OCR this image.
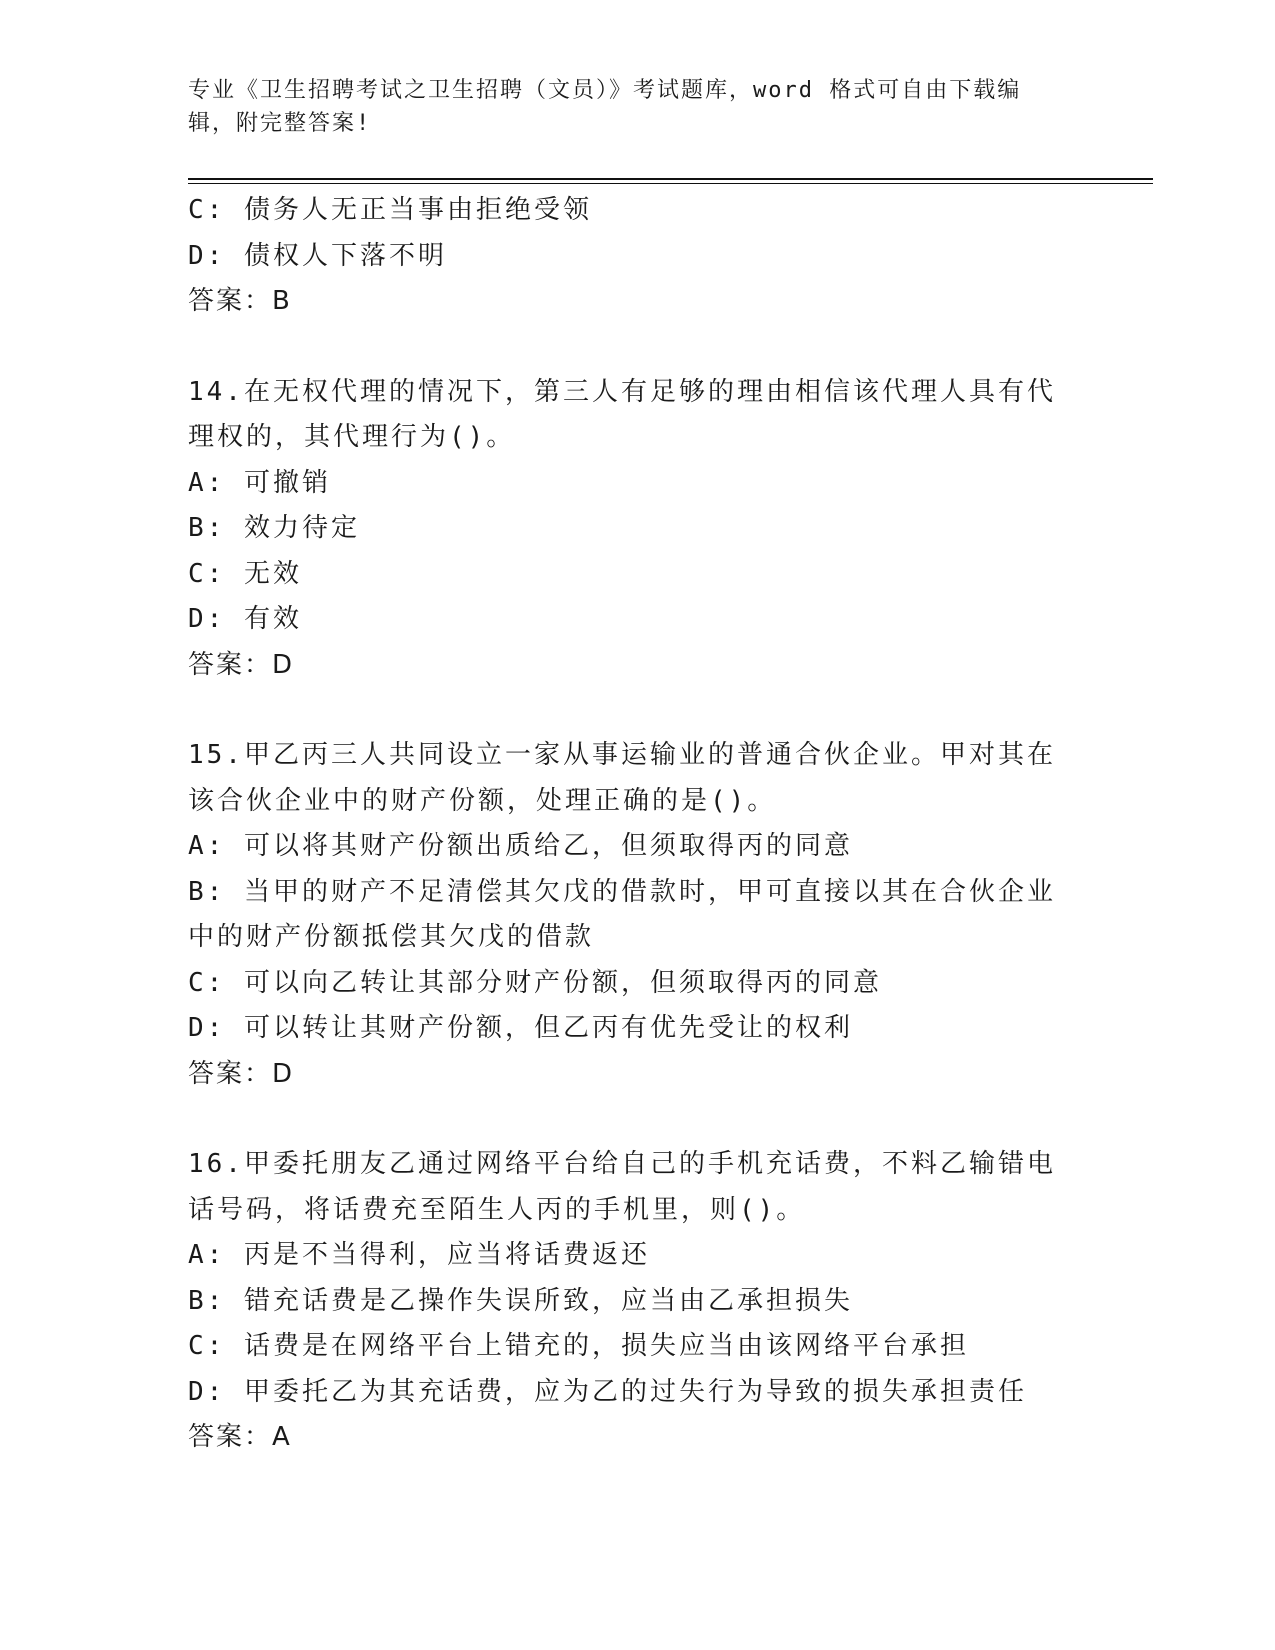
专业《卫生招聘考试之卫生招聘（文员）》考试题库，word 格式可自由下载编辑，附完整答案!
C: 债务人无正当事由拒绝受领
D: 债权人下落不明
答案：B
14.在无权代理的情况下，第三人有足够的理由相信该代理人具有代理权的，其代理行为()。
A: 可撤销
B: 效力待定
C: 无效
D: 有效
答案：D
15.甲乙丙三人共同设立一家从事运输业的普通合伙企业。甲对其在该合伙企业中的财产份额，处理正确的是()。
A: 可以将其财产份额出质给乙，但须取得丙的同意
B: 当甲的财产不足清偿其欠戊的借款时，甲可直接以其在合伙企业中的财产份额抵偿其欠戊的借款
C: 可以向乙转让其部分财产份额，但须取得丙的同意
D: 可以转让其财产份额，但乙丙有优先受让的权利
答案：D
16.甲委托朋友乙通过网络平台给自己的手机充话费，不料乙输错电话号码，将话费充至陌生人丙的手机里，则()。
A: 丙是不当得利，应当将话费返还
B: 错充话费是乙操作失误所致，应当由乙承担损失
C: 话费是在网络平台上错充的，损失应当由该网络平台承担
D: 甲委托乙为其充话费，应为乙的过失行为导致的损失承担责任
答案：A
